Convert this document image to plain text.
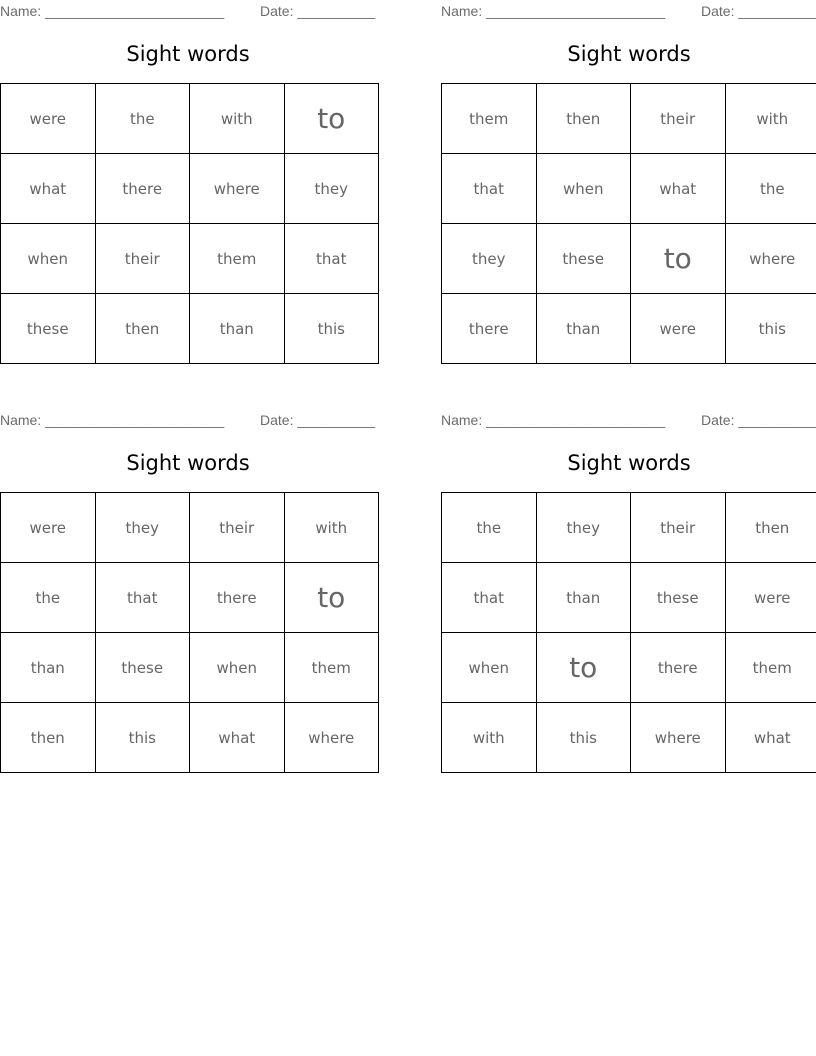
Name: _______________________	Date: __________
Sight words
were	the	with	to
what	there	where	they
when	their	them	that
these	then	than	this
Name: _______________________	Date: __________
Sight words
them	then	their	with
that	when	what	the
they	these	to	where
there	than	were	this
Name: _______________________	Date: __________
Sight words
were	they	their	with
the	that	there	to
than	these	when	them
then	this	what	where
Name: _______________________	Date: __________
Sight words
the	they	their	then
that	than	these	were
when	to	there	them
with	this	where	what
